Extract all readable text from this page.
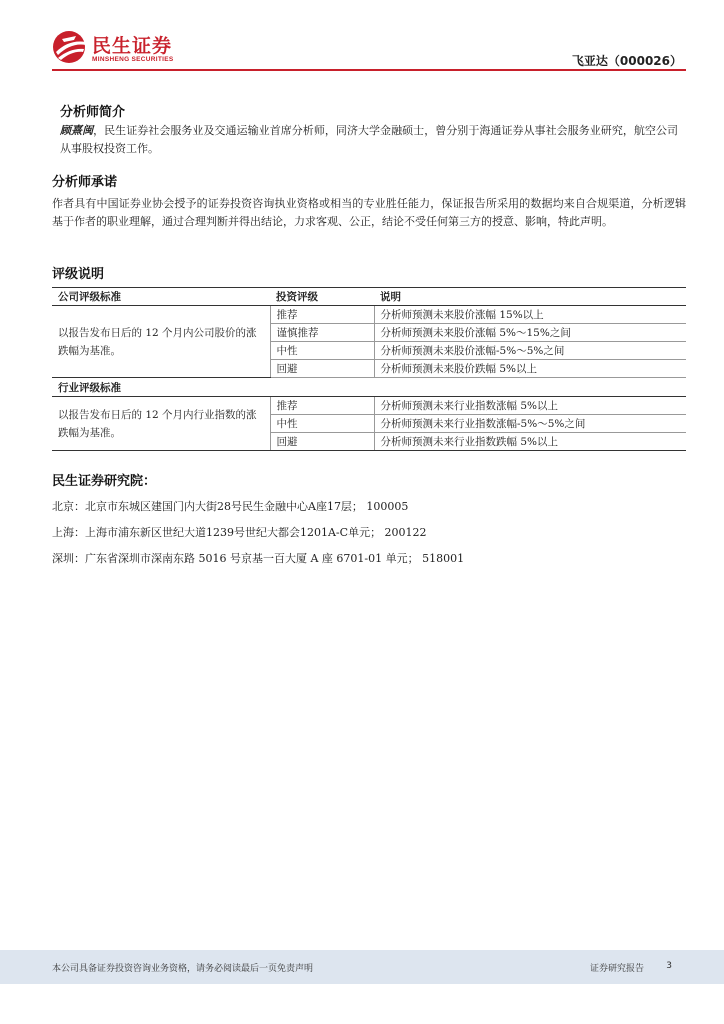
民生证券
MINSHENG SECURITIES	飞亚达（000026）
分析师简介
顾熹闽，民生证券社会服务业及交通运输业首席分析师，同济大学金融硕士，曾分别于海通证券从事社会服务业研究，航空公司从事股权投资工作。
分析师承诺
作者具有中国证券业协会授予的证券投资咨询执业资格或相当的专业胜任能力，保证报告所采用的数据均来自合规渠道，分析逻辑基于作者的职业理解，通过合理判断并得出结论，力求客观、公正，结论不受任何第三方的授意、影响，特此声明。
评级说明
公司评级标准	投资评级	说明
以报告发布日后的 12 个月内公司股价的涨跌幅为基准。	推荐	分析师预测未来股价涨幅 15%以上
	谨慎推荐	分析师预测未来股价涨幅 5%～15%之间
	中性	分析师预测未来股价涨幅-5%～5%之间
	回避	分析师预测未来股价跌幅 5%以上
行业评级标准		
以报告发布日后的 12 个月内行业指数的涨跌幅为基准。	推荐	分析师预测未来行业指数涨幅 5%以上
	中性	分析师预测未来行业指数涨幅-5%～5%之间
	回避	分析师预测未来行业指数跌幅 5%以上
民生证券研究院：
北京：北京市东城区建国门内大街28号民生金融中心A座17层； 100005
上海：上海市浦东新区世纪大道1239号世纪大都会1201A-C单元； 200122
深圳：广东省深圳市深南东路 5016 号京基一百大厦 A 座 6701-01 单元； 518001
本公司具备证券投资咨询业务资格，请务必阅读最后一页免责声明	证券研究报告 3
